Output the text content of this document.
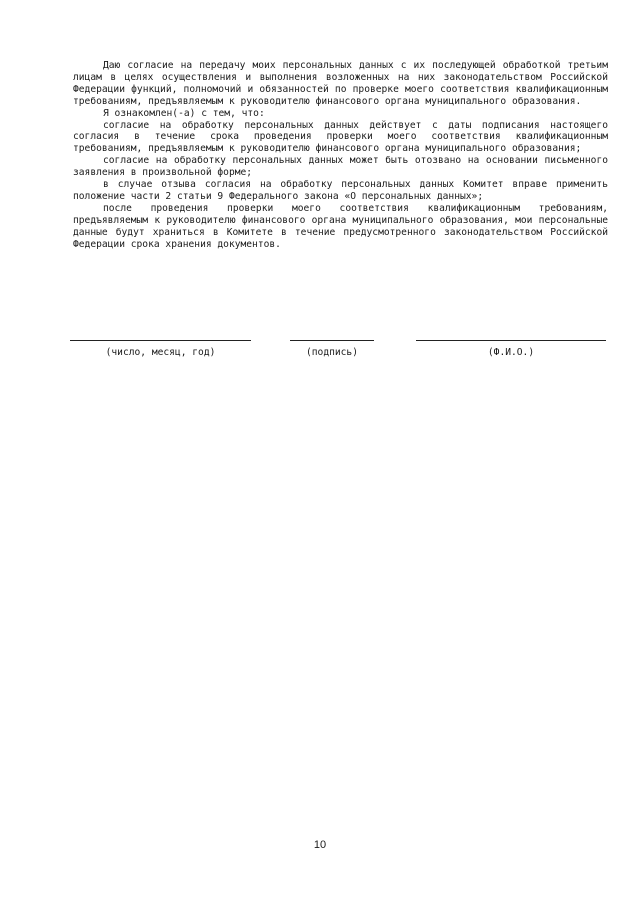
Даю согласие на передачу моих персональных данных с их последующей обработкой третьим лицам в целях осуществления и выполнения возложенных на них законодательством Российской Федерации функций, полномочий и обязанностей по проверке моего соответствия квалификационным требованиям, предъявляемым к руководителю финансового органа муниципального образования.

Я ознакомлен(-а) с тем, что:

согласие на обработку персональных данных действует с даты подписания настоящего согласия в течение срока проведения проверки моего соответствия квалификационным требованиям, предъявляемым к руководителю финансового органа муниципального образования;

согласие на обработку персональных данных может быть отозвано на основании письменного заявления в произвольной форме;

в случае отзыва согласия на обработку персональных данных Комитет вправе применить положение части 2 статьи 9 Федерального закона «О персональных данных»;

после проведения проверки моего соответствия квалификационным требованиям, предъявляемым к руководителю финансового органа муниципального образования, мои персональные данные будут храниться в Комитете в течение предусмотренного законодательством Российской Федерации срока хранения документов.

(число, месяц, год)	(подпись)	(Ф.И.О.)
10
